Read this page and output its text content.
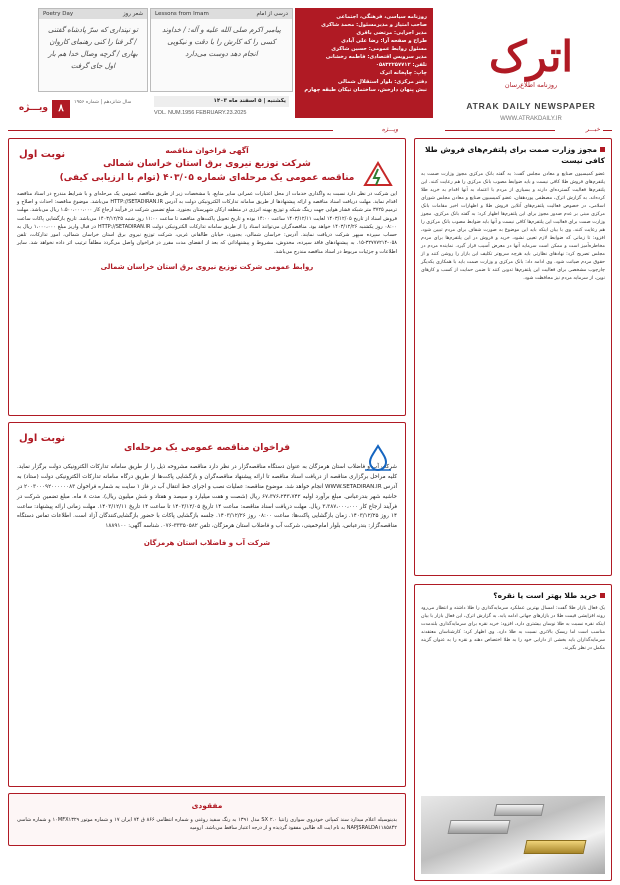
اترک
روزنامه اطلاع‌رسان
ATRAK DAILY NEWSPAPER
WWW.ATRAKDAILY.IR
روزنامه سیاسی، فرهنگی، اجتماعی
صاحب امتیاز و مدیرمسئول: محمد شاکری
مدیر اجرایی: مرتضی باقری
طراح و صفحه آرا: رضا علی آبادی
مسئول روابط عمومی: حسین شاکری
مدیر سرویس اقتصادی: فاطمه رخشانی
تلفن: ۰۵۸۳۲۲۵۷۷۱۲
چاپ: چاپخانه اترک
دفتر مرکزی: بلوار استقلال شمالی
نبش پنهان دارخش، ساختمان تیکان طبقه چهارم
Lessons from Imam	درسی از امام
پیامبر اکرم صلی الله علیه و آله: / خداوند کسی را که کارش را با دقت و نیکویی انجام دهد دوست می‌دارد
Poetry Day	شعر روز
تو نپنداری که سرّ پادشاه گفتنی / گر فنا را کنی رهنمای کاروان بهاری / گرچه وصال خدا هم بار اول جای گرفت
یکشنبه | ۵ اسفند ماه ۱۴۰۳
VOL. NUM.1956 FEBRUARY.23.2025
سال شانزدهم | شماره ۱۹۵۶
۸
ویـــژه
ویـــژه	خبـــر
نوبت اول	آگهی فراخوان مناقصه
شرکت توزیع نیروی برق استان خراسان شمالی
مناقصه عمومی یک مرحله‌ای شماره ۴۰۳/۰۵ (توام با ارزیابی کیفی)
این شرکت در نظر دارد نسبت به واگذاری خدمات از محل اعتبارات عمرانی سایر منابع، با مشخصات زیر از طریق مناقصه عمومی یک مرحله‌ای و با شرایط مندرج در اسناد مناقصه اقدام نماید. مهلت دریافت اسناد مناقصه و ارائه پیشنهادها از طریق سامانه تدارکات الکترونیکی دولت به آدرس HTTP://SETADIRAN.IR می‌باشد. موضوع مناقصه: احداث و اصلاح و ترمیم ۳۷۲۵ متر شبکه فشار هوایی جهت رینگ شبکه و توزیع بهینه انرژی در منطقه ارکان شهرستان بجنورد. مبلغ تضمین شرکت در فرآیند ارجاع کار ۱،۵۰۰،۰۰۰،۰۰۰ ریال می‌باشد. مهلت فروش اسناد از تاریخ ۱۴۰۳/۱۲/۰۵ لغایت ۱۴۰۳/۱۲/۱۱ ساعت ۱۴:۰۰ بوده و تاریخ تحویل پاکت‌های مناقصه تا ساعت ۱۱:۰۰ روز شنبه ۱۴۰۳/۱۲/۲۵ می‌باشد. تاریخ بازگشایی پاکات ساعت ۰۸:۰۰ روز یکشنبه ۱۴۰۳/۱۲/۲۶ خواهد بود. مناقصه‌گران می‌توانند اسناد را از طریق سامانه تدارکات الکترونیکی دولت HTTP://SETADIRAN.IR در قبال واریز مبلغ ۱،۰۰۰،۰۰۰ ریال به حساب سپرده سپهر شرکت دریافت نمایند. آدرس: خراسان شمالی، بجنورد، خیابان طالقانی غربی، شرکت توزیع نیروی برق استان خراسان شمالی، امور تدارکات، تلفن ۰۵۸-۳۲۷۷۷۲۱۴-۱۵. به پیشنهادهای فاقد سپرده، مخدوش، مشروط و پیشنهاداتی که بعد از انقضای مدت مقرر در فراخوان واصل می‌گردد مطلقاً ترتیب اثر داده نخواهد شد. سایر اطلاعات و جزئیات مربوط در اسناد مناقصه مندرج می‌باشد.
روابط عمومی شرکت توزیع نیروی برق استان خراسان شمالی
نوبت اول
فراخوان مناقصه عمومی یک مرحله‌ای
شرکت آب و فاضلاب استان هرمزگان به عنوان دستگاه مناقصه‌گزار در نظر دارد مناقصه مشروحه ذیل را از طریق سامانه تدارکات الکترونیکی دولت برگزار نماید. کلیه مراحل برگزاری مناقصه از دریافت اسناد مناقصه تا ارائه پیشنهاد مناقصه‌گران و بازگشایی پاکت‌ها از طریق درگاه سامانه تدارکات الکترونیکی دولت (ستاد) به آدرس WWW.SETADIRAN.IR انجام خواهد شد. موضوع مناقصه: عملیات نصب و اجرای خط انتقال آب در فاز ۱ سایت به شماره فراخوان ۲۰۰۳۰۰۰۹۲۰۰۰۰۰۰۸۳ در حاشیه شهر بندرعباس. مبلغ برآورد اولیه ۶۷،۳۷۶،۲۴۳،۷۴۲ ریال (شصت و هفت میلیارد و سیصد و هفتاد و شش میلیون ریال). مدت ۸ ماه. مبلغ تضمین شرکت در فرآیند ارجاع کار ۳،۳۸۷،۰۰۰،۰۰۰ ریال. مهلت دریافت اسناد مناقصه: ساعت ۱۴ تاریخ ۱۴۰۳/۱۲/۰۵ تا ساعت ۱۴ تاریخ ۱۴۰۳/۱۲/۱۱. مهلت زمانی ارائه پیشنهاد: ساعت ۱۴ روز ۱۴۰۳/۱۲/۲۵. زمان بازگشایی پاکت‌ها: ساعت ۰۸:۰۰ روز ۱۴۰۳/۱۲/۲۶. جلسه بازگشایی پاکات با حضور بازگشایی‌کنندگان آزاد است. اطلاعات تماس دستگاه مناقصه‌گزار: بندرعباس، بلوار امام‌خمینی، شرکت آب و فاضلاب استان هرمزگان، تلفن ۳۳۳۵۰۵۸۲-۰۷۶. شناسه آگهی: ۱۸۸۹۱۰۰
شرکت آب و فاضلاب استان هرمزگان
مفقودی
بدینوسیله اعلام میدارد سند کمپانی خودروی سواری زانتیا ۲.۰ SX مدل ۱۳۹۱ به رنگ سفید روغنی و شماره انتظامی ۸۶۶ ق ۷۴ ایران ۱۷ و شماره موتور ۱۰MFX۱۳۲۹ و شماره شاسی NAPJSRALDA۱۱۸۵۸۴۲ به نام ایت اله طالبی مفقود گردیده و از درجه اعتبار ساقط می‌باشد. ارومیه
مجوز وزارت صمت برای پلتفرم‌های فروش طلا کافی نیست
عضو کمیسیون صنایع و معادن مجلس گفت: به گفته بانک مرکزی مجوز وزارت صمت به پلتفرم‌های فروش طلا کافی نیست و باید ضوابط مصوب بانک مرکزی را هم رعایت کنند. این پلتفرم‌ها فعالیت گسترده‌ای دارند و بسیاری از مردم با اعتماد به آنها اقدام به خرید طلا کرده‌اند. به گزارش اترک، مصطفی پوردهقان، عضو کمیسیون صنایع و معادن مجلس شورای اسلامی، در خصوص فعالیت پلتفرم‌های آنلاین فروش طلا و اظهارات اخیر مقامات بانک مرکزی مبنی بر عدم صدور مجوز برای این پلتفرم‌ها اظهار کرد: به گفته بانک مرکزی، مجوز وزارت صمت برای فعالیت این پلتفرم‌ها کافی نیست و آنها باید ضوابط مصوب بانک مرکزی را هم رعایت کنند. وی با بیان اینکه باید این موضوع به صورت شفاف برای مردم تبیین شود، افزود: تا زمانی که ضوابط لازم تعیین نشود، خرید و فروش در این پلتفرم‌ها برای مردم مخاطره‌آمیز است و ممکن است سرمایه آنها در معرض آسیب قرار گیرد. نماینده مردم در مجلس تصریح کرد: نهادهای نظارتی باید هرچه سریع‌تر تکلیف این بازار را روشن کنند و از حقوق مردم صیانت شود. وی ادامه داد: بانک مرکزی و وزارت صمت باید با همکاری یکدیگر چارچوب مشخصی برای فعالیت این پلتفرم‌ها تدوین کنند تا ضمن حمایت از کسب و کارهای نوین، از سرمایه مردم نیز محافظت شود.
خرید طلا بهتر است یا نقره؟
یک فعال بازار طلا گفت: امسال بهترین عملکرد سرمایه‌گذاری را طلا داشته و انتظار می‌رود روند افزایشی قیمت طلا در بازارهای جهانی ادامه یابد. به گزارش اترک، این فعال بازار با بیان اینکه نقره نسبت به طلا نوسان بیشتری دارد، افزود: خرید نقره برای سرمایه‌گذاری بلندمدت مناسب است اما ریسک بالاتری نسبت به طلا دارد. وی اظهار کرد: کارشناسان معتقدند سرمایه‌گذاران باید بخشی از دارایی خود را به طلا اختصاص دهند و نقره را به عنوان گزینه مکمل در نظر بگیرند.
